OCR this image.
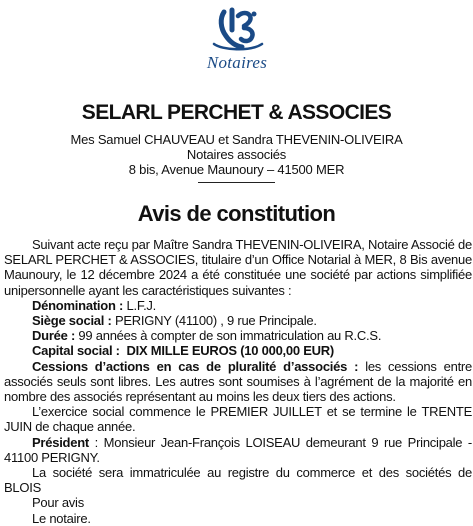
Notaires
SELARL PERCHET & ASSOCIES
Mes Samuel CHAUVEAU et Sandra THEVENIN-OLIVEIRA
Notaires associés
8 bis, Avenue Maunoury – 41500 MER
Avis de constitution

Suivant acte reçu par Maître Sandra THEVENIN-OLIVEIRA, Notaire Associé de SELARL PERCHET & ASSOCIES, titulaire d’un Office Notarial à MER, 8 Bis avenue Maunoury, le 12 décembre 2024 a été constituée une société par actions simplifiée unipersonnelle ayant les caractéristiques suivantes :

Dénomination : L.F.J.

Siège social : PERIGNY (41100) , 9 rue Principale.

Durée : 99 années à compter de son immatriculation au R.C.S.

Capital social : DIX MILLE EUROS (10 000,00 EUR)

Cessions d’actions en cas de pluralité d’associés : les cessions entre associés seuls sont libres. Les autres sont soumises à l’agrément de la majorité en nombre des associés représentant au moins les deux tiers des actions.

L’exercice social commence le PREMIER JUILLET et se termine le TRENTE JUIN de chaque année.

Président : Monsieur Jean-François LOISEAU demeurant 9 rue Principale - 41100 PERIGNY.

La société sera immatriculée au registre du commerce et des sociétés de BLOIS

Pour avis

Le notaire.
